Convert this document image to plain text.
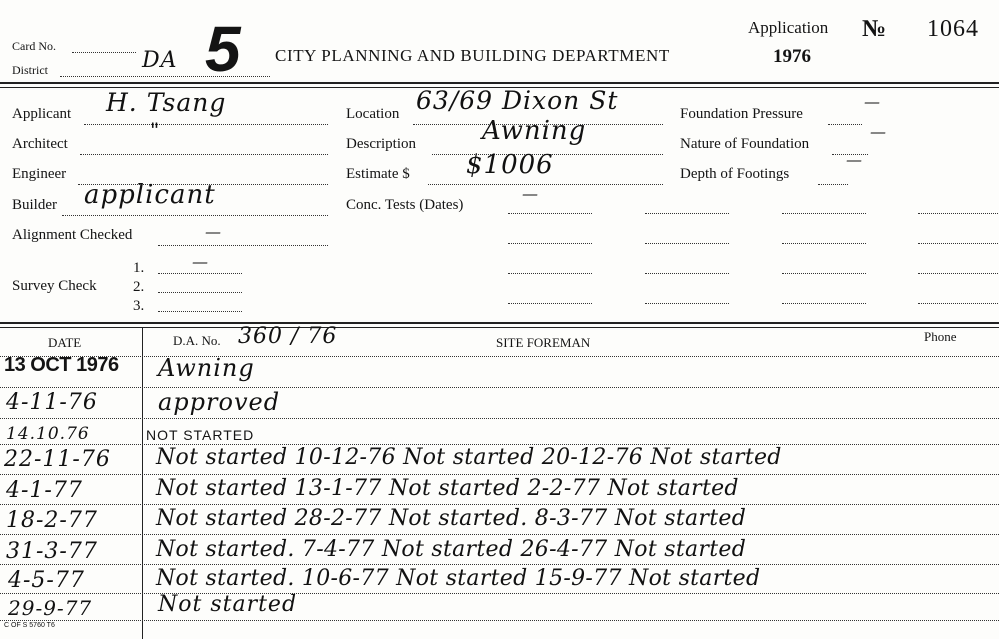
Card No.
District	DA 5 CITY PLANNING AND BUILDING DEPARTMENT
Application
1976
№ 1064
Applicant H. Tsang
Architect
"
Engineer
Builder applicant
Alignment Checked	—
Survey Check
1.
2.
3.
—
Location 63/69 Dixon St
Description	Awning
Estimate $ $1006
Conc. Tests (Dates)
—
Foundation Pressure
—
Nature of Foundation
—
Depth of Footings
—
DATE	D.A. No. 360 / 76	SITE FOREMAN	Phone
13 OCT 1976 Awning
4-11-76	approved
14.10.76	NOT STARTED
22-11-76 Not started 10-12-76 Not started 20-12-76 Not started
4-1-77	Not started 13-1-77 Not started 2-2-77 Not started
18-2-77	Not started 28-2-77 Not started. 8-3-77 Not started
31-3-77	Not started. 7-4-77 Not started 26-4-77 Not started
4-5-77	Not started. 10-6-77 Not started 15-9-77 Not started
29-9-77	Not started
C OF S 5760 T6
